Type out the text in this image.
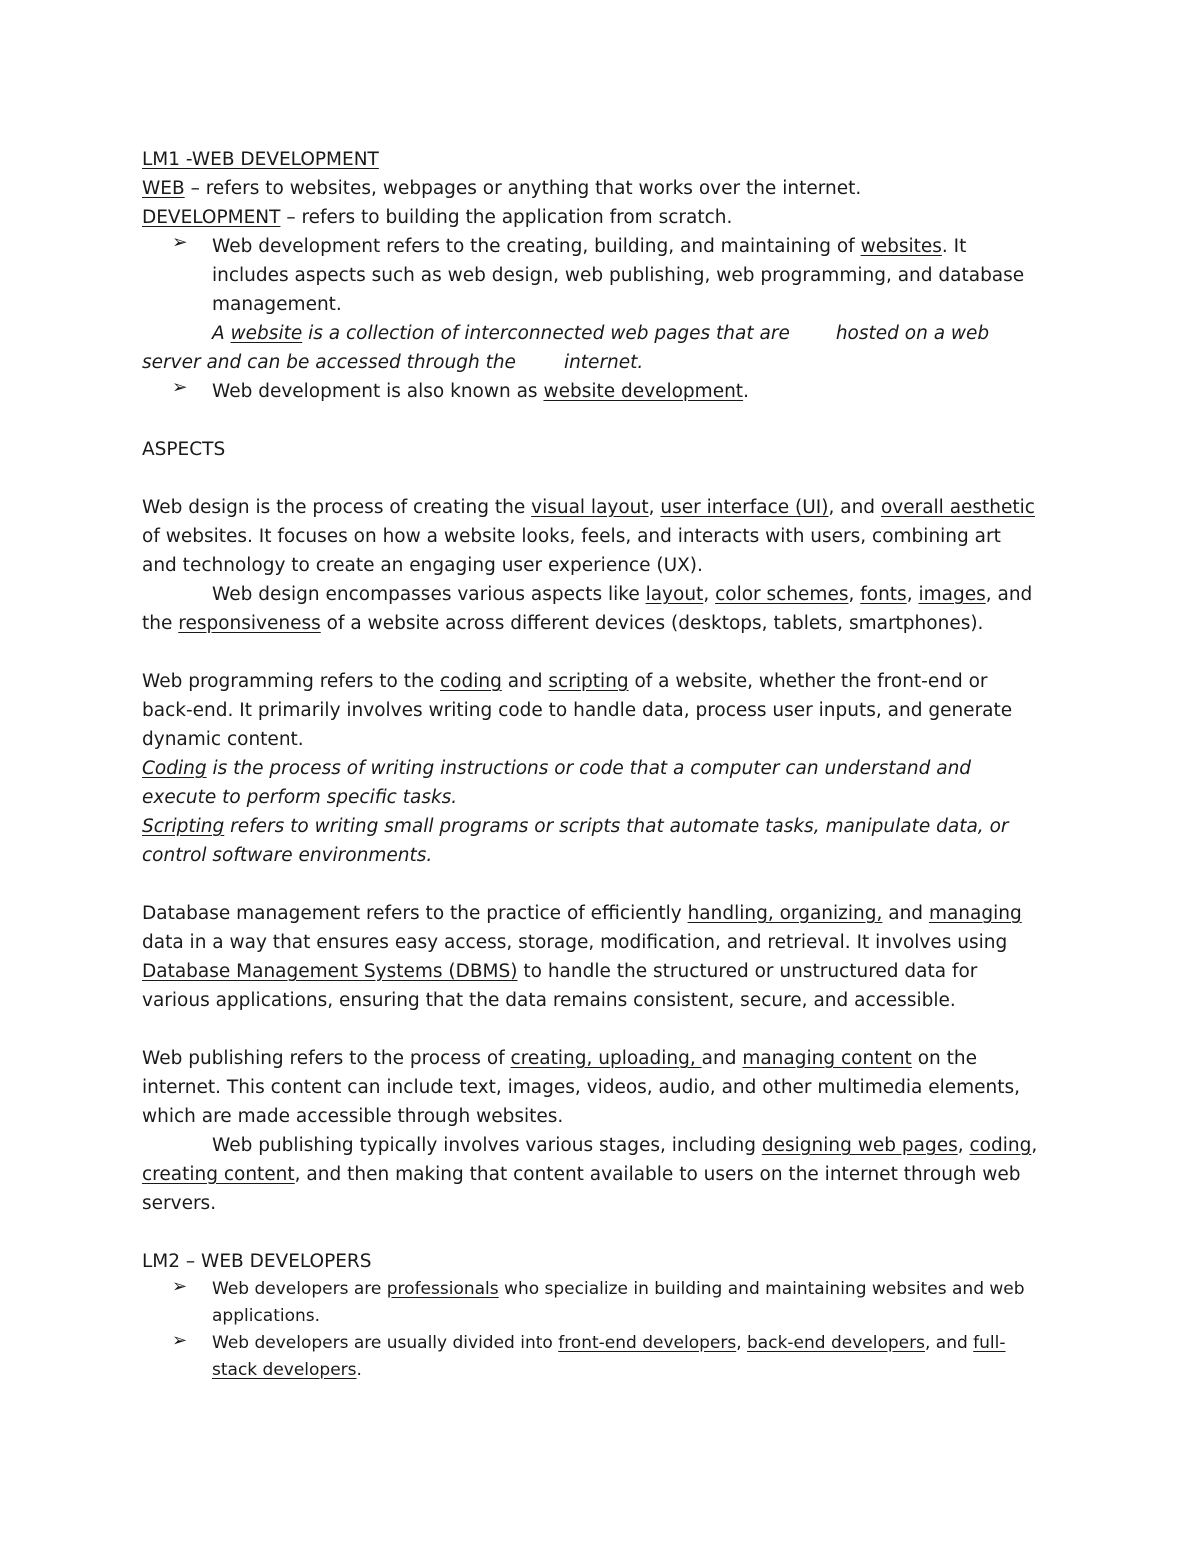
LM1 -WEB DEVELOPMENT
WEB – refers to websites, webpages or anything that works over the internet.
DEVELOPMENT – refers to building the application from scratch.
➢	Web development refers to the creating, building, and maintaining of websites. It
includes aspects such as web design, web publishing, web programming, and database
management.
A website is a collection of interconnected web pages that are hosted on a web
server and can be accessed through the	internet.
➢	Web development is also known as website development.
ASPECTS
Web design is the process of creating the visual layout, user interface (UI), and overall aesthetic
of websites. It focuses on how a website looks, feels, and interacts with users, combining art
and technology to create an engaging user experience (UX).
Web design encompasses various aspects like layout, color schemes, fonts, images, and
the responsiveness of a website across different devices (desktops, tablets, smartphones).
Web programming refers to the coding and scripting of a website, whether the front-end or
back-end. It primarily involves writing code to handle data, process user inputs, and generate
dynamic content.
Coding is the process of writing instructions or code that a computer can understand and
execute to perform specific tasks.
Scripting refers to writing small programs or scripts that automate tasks, manipulate data, or
control software environments.
Database management refers to the practice of efficiently handling, organizing, and managing
data in a way that ensures easy access, storage, modification, and retrieval. It involves using
Database Management Systems (DBMS) to handle the structured or unstructured data for
various applications, ensuring that the data remains consistent, secure, and accessible.
Web publishing refers to the process of creating, uploading, and managing content on the
internet. This content can include text, images, videos, audio, and other multimedia elements,
which are made accessible through websites.
Web publishing typically involves various stages, including designing web pages, coding,
creating content, and then making that content available to users on the internet through web
servers.
LM2 – WEB DEVELOPERS
➢	Web developers are professionals who specialize in building and maintaining websites and web
applications.
➢	Web developers are usually divided into front-end developers, back-end developers, and full-
stack developers.
